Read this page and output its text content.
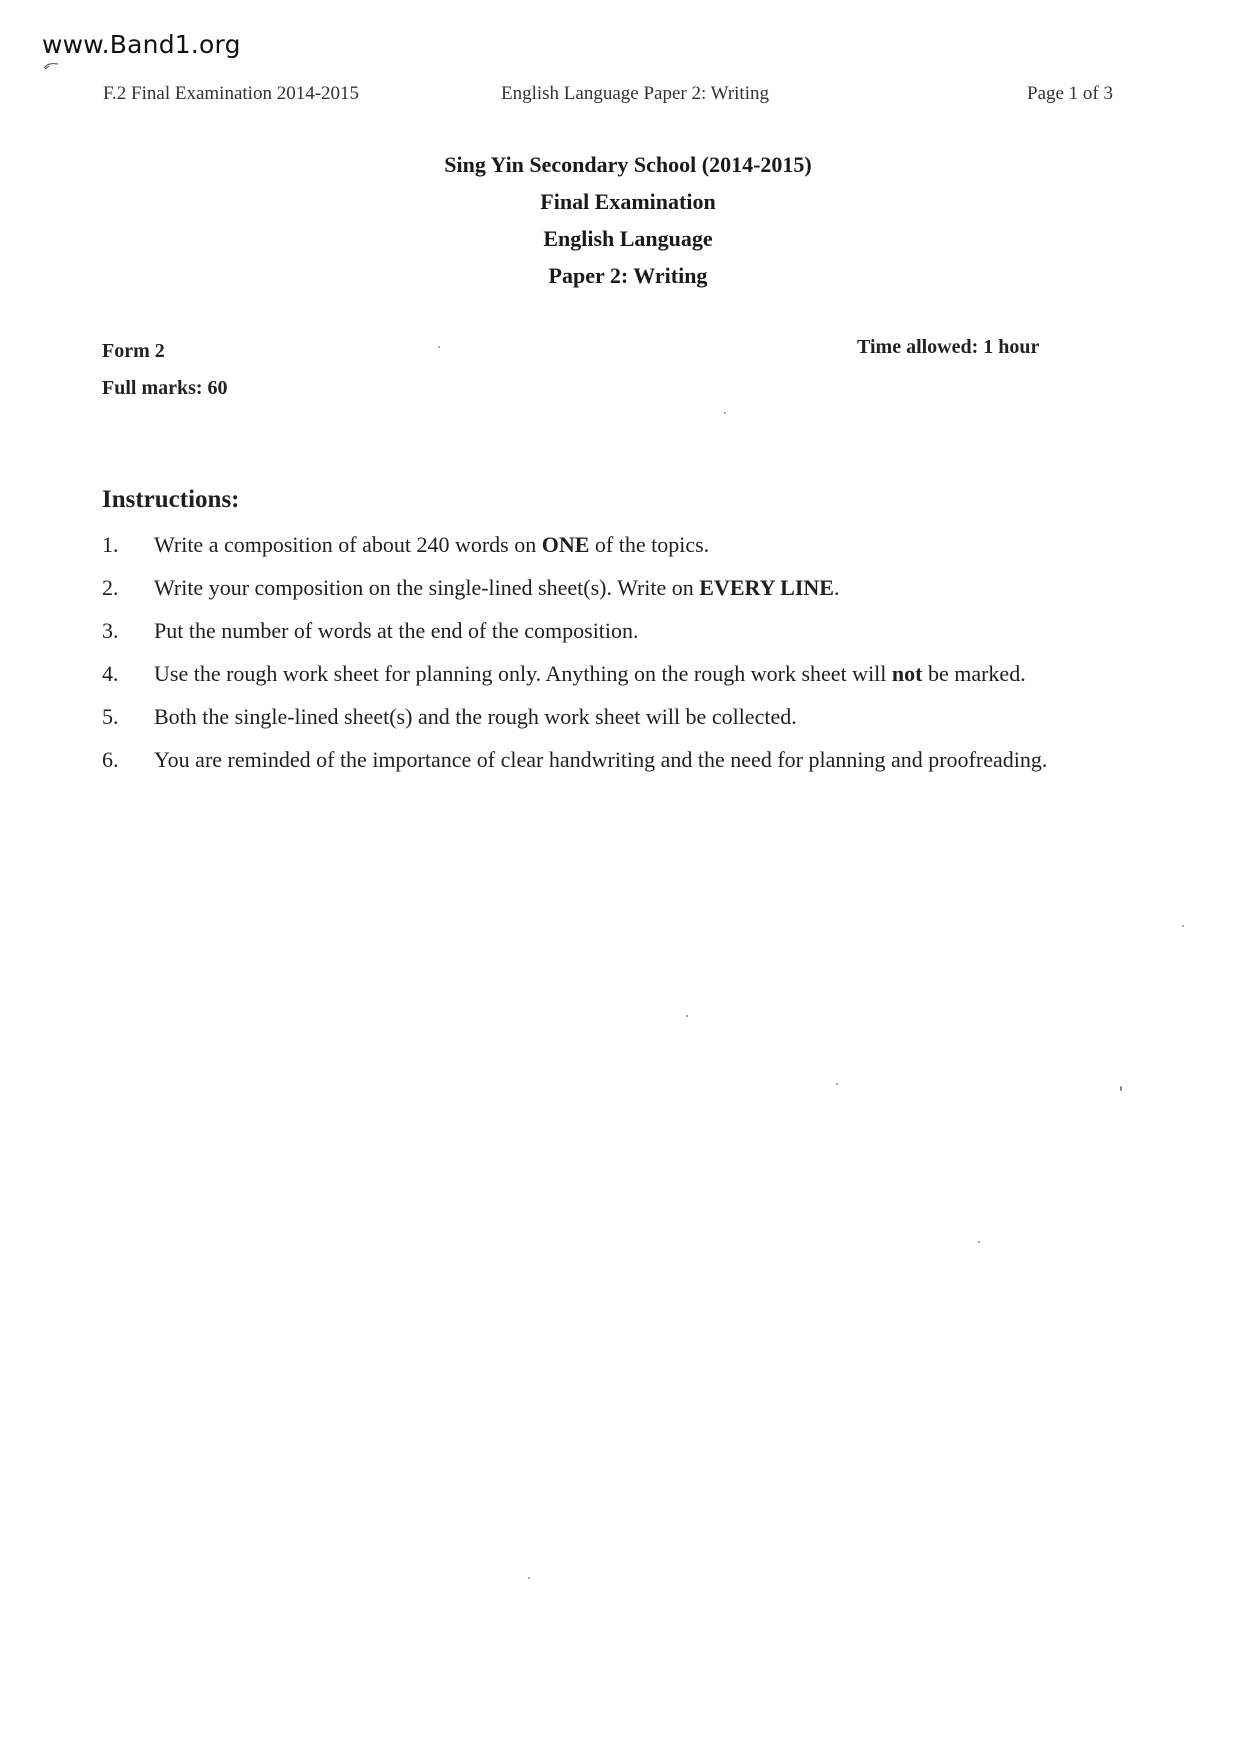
www.Band1.org
F.2 Final Examination 2014-2015	English Language Paper 2: Writing	Page 1 of 3
Sing Yin Secondary School (2014-2015)
Final Examination
English Language
Paper 2: Writing
Form 2
Full marks: 60
Time allowed: 1 hour
Instructions:
1. Write a composition of about 240 words on ONE of the topics.
2. Write your composition on the single-lined sheet(s). Write on EVERY LINE.
3. Put the number of words at the end of the composition.
4. Use the rough work sheet for planning only. Anything on the rough work sheet will not be marked.
5. Both the single-lined sheet(s) and the rough work sheet will be collected.
6. You are reminded of the importance of clear handwriting and the need for planning and proofreading.
